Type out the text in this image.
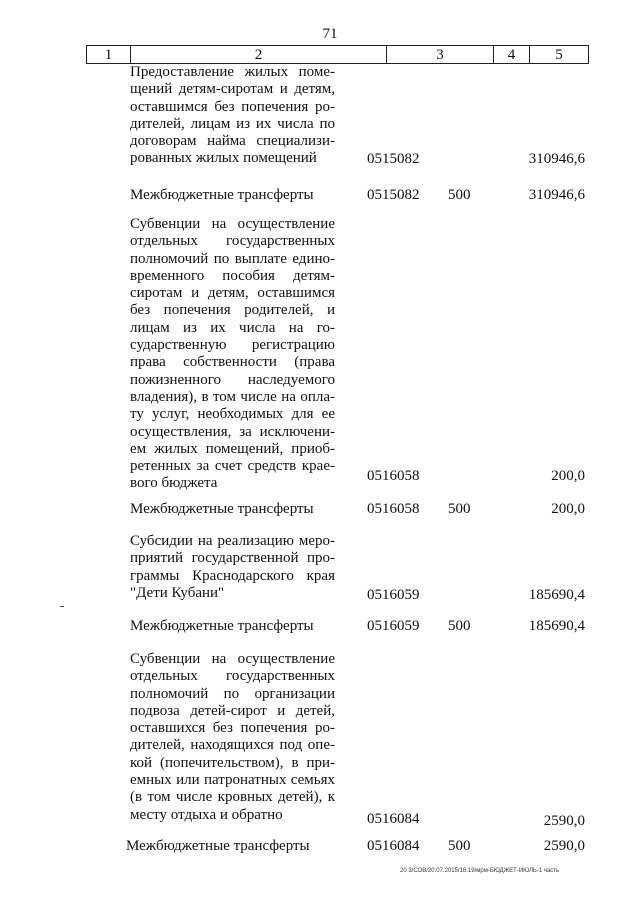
71
1	2	3	4	5
Предоставление жилых помещений детям-сиротам и детям, оставшимся без попечения родителей, лицам из их числа по договорам найма специализированных жилых помещений	0515082	310946,6
Межбюджетные трансферты	0515082 500	310946,6
Субвенции на осуществление отдельных государственных полномочий по выплате единовременного пособия детям-сиротам и детям, оставшимся без попечения родителей, и лицам из их числа на государственную регистрацию права собственности (права пожизненного наследуемого владения), в том числе на оплату услуг, необходимых для ее осуществления, за исключением жилых помещений, приобретенных за счет средств краевого бюджета	0516058	200,0
Межбюджетные трансферты	0516058 500	200,0
Субсидии на реализацию мероприятий государственной программы Краснодарского края "Дети Кубани"	0516059	185690,4
Межбюджетные трансферты	0516059 500	185690,4
Субвенции на осуществление отдельных государственных полномочий по организации подвоза детей-сирот и детей, оставшихся без попечения родителей, находящихся под опекой (попечительством), в приемных или патронатных семьях (в том числе кровных детей), к месту отдыха и обратно	0516084	2590,0
Межбюджетные трансферты	0516084 500	2590,0
20 3/СОВ/20.07.2015/16.19/мрм-БЮДЖЕТ-ИЮЛЬ-1 часть
